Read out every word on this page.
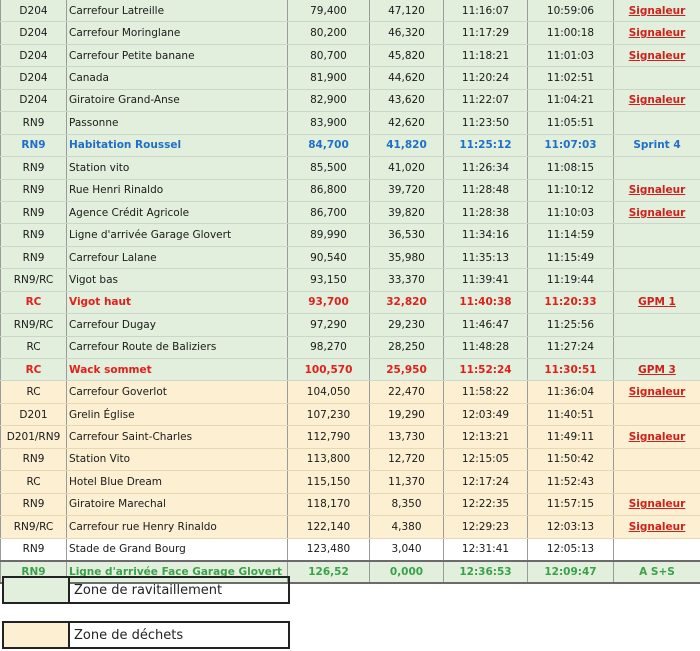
D204	Carrefour Latreille	79,400	47,120	11:16:07	10:59:06	Signaleur
D204	Carrefour Moringlane	80,200	46,320	11:17:29	11:00:18	Signaleur
D204	Carrefour Petite banane	80,700	45,820	11:18:21	11:01:03	Signaleur
D204	Canada	81,900	44,620	11:20:24	11:02:51	
D204	Giratoire Grand-Anse	82,900	43,620	11:22:07	11:04:21	Signaleur
RN9	Passonne	83,900	42,620	11:23:50	11:05:51	
RN9	Habitation Roussel	84,700	41,820	11:25:12	11:07:03	Sprint 4
RN9	Station vito	85,500	41,020	11:26:34	11:08:15	
RN9	Rue Henri Rinaldo	86,800	39,720	11:28:48	11:10:12	Signaleur
RN9	Agence Crédit Agricole	86,700	39,820	11:28:38	11:10:03	Signaleur
RN9	Ligne d'arrivée Garage Glovert	89,990	36,530	11:34:16	11:14:59	
RN9	Carrefour Lalane	90,540	35,980	11:35:13	11:15:49	
RN9/RC	Vigot bas	93,150	33,370	11:39:41	11:19:44	
RC	Vigot haut	93,700	32,820	11:40:38	11:20:33	GPM 1
RN9/RC	Carrefour Dugay	97,290	29,230	11:46:47	11:25:56	
RC	Carrefour Route de Baliziers	98,270	28,250	11:48:28	11:27:24	
RC	Wack sommet	100,570	25,950	11:52:24	11:30:51	GPM 3
RC	Carrefour Goverlot	104,050	22,470	11:58:22	11:36:04	Signaleur
D201	Grelin Église	107,230	19,290	12:03:49	11:40:51	
D201/RN9	Carrefour Saint-Charles	112,790	13,730	12:13:21	11:49:11	Signaleur
RN9	Station Vito	113,800	12,720	12:15:05	11:50:42	
RC	Hotel Blue Dream	115,150	11,370	12:17:24	11:52:43	
RN9	Giratoire Marechal	118,170	8,350	12:22:35	11:57:15	Signaleur
RN9/RC	Carrefour rue Henry Rinaldo	122,140	4,380	12:29:23	12:03:13	Signaleur
RN9	Stade de Grand Bourg	123,480	3,040	12:31:41	12:05:13	
RN9	Ligne d'arrivée Face Garage Glovert	126,52	0,000	12:36:53	12:09:47	A S+S
Zone de ravitaillement
Zone de déchets
